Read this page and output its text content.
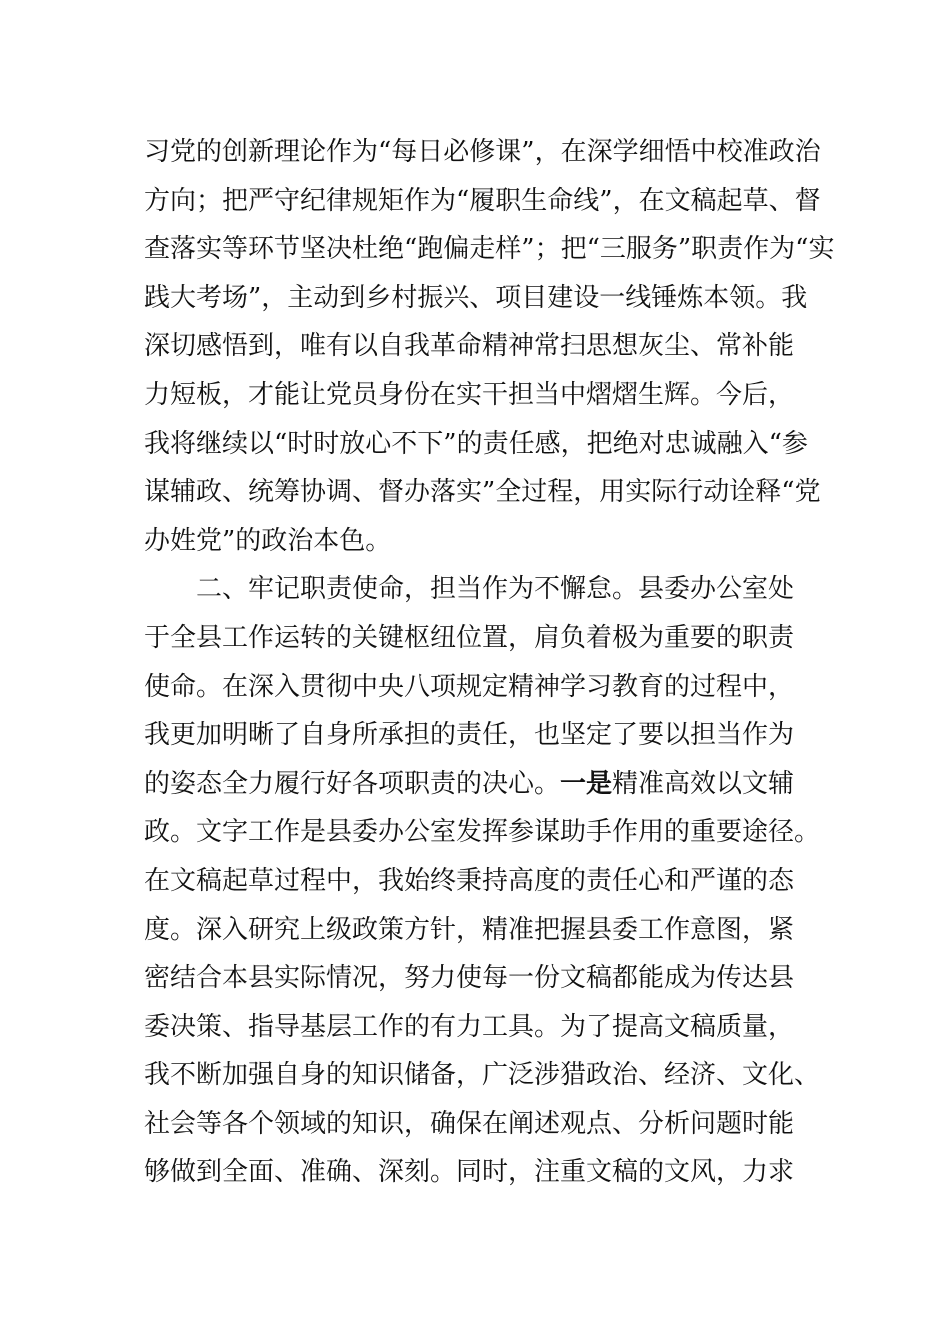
习党的创新理论作为“每日必修课”，在深学细悟中校准政治
方向；把严守纪律规矩作为“履职生命线”，在文稿起草、督
查落实等环节坚决杜绝“跑偏走样”；把“三服务”职责作为“实
践大考场”，主动到乡村振兴、项目建设一线锤炼本领。我
深切感悟到，唯有以自我革命精神常扫思想灰尘、常补能
力短板，才能让党员身份在实干担当中熠熠生辉。今后，
我将继续以“时时放心不下”的责任感，把绝对忠诚融入“参
谋辅政、统筹协调、督办落实”全过程，用实际行动诠释“党
办姓党”的政治本色。
二、牢记职责使命，担当作为不懈怠。县委办公室处
于全县工作运转的关键枢纽位置，肩负着极为重要的职责
使命。在深入贯彻中央八项规定精神学习教育的过程中，
我更加明晰了自身所承担的责任，也坚定了要以担当作为
的姿态全力履行好各项职责的决心。一是精准高效以文辅
政。文字工作是县委办公室发挥参谋助手作用的重要途径。
在文稿起草过程中，我始终秉持高度的责任心和严谨的态
度。深入研究上级政策方针，精准把握县委工作意图，紧
密结合本县实际情况，努力使每一份文稿都能成为传达县
委决策、指导基层工作的有力工具。为了提高文稿质量，
我不断加强自身的知识储备，广泛涉猎政治、经济、文化、
社会等各个领域的知识，确保在阐述观点、分析问题时能
够做到全面、准确、深刻。同时，注重文稿的文风，力求
